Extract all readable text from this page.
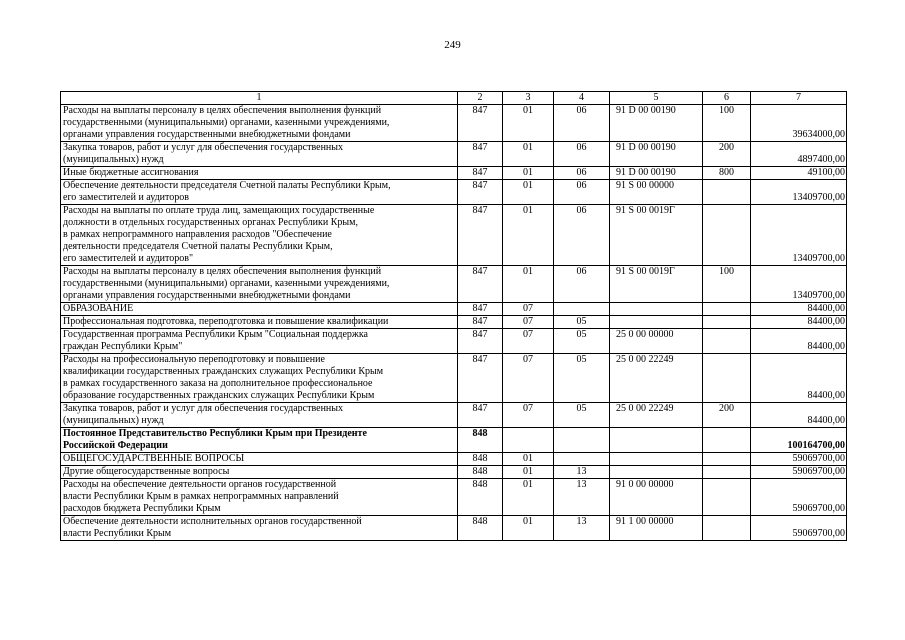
249
1	2	3	4	5	6	7

Расходы на выплаты персоналу в целях обеспечения выполнения функций
государственными (муниципальными) органами, казенными учреждениями,
органами управления государственными внебюджетными фондами	847	01	06	91 D 00 00190	100	39634000,00

Закупка товаров, работ и услуг для обеспечения государственных
(муниципальных) нужд	847	01	06	91 D 00 00190	200	4897400,00

Иные бюджетные ассигнования	847	01	06	91 D 00 00190	800	49100,00

Обеспечение деятельности председателя Счетной палаты Республики Крым,
его заместителей и аудиторов	847	01	06	91 S 00 00000		13409700,00

Расходы на выплаты по оплате труда лиц, замещающих государственные
должности в отдельных государственных органах Республики Крым,
в рамках непрограммного направления расходов "Обеспечение
деятельности председателя Счетной палаты Республики Крым,
его заместителей и аудиторов"	847	01	06	91 S 00 0019Г		13409700,00

Расходы на выплаты персоналу в целях обеспечения выполнения функций
государственными (муниципальными) органами, казенными учреждениями,
органами управления государственными внебюджетными фондами	847	01	06	91 S 00 0019Г	100	13409700,00

ОБРАЗОВАНИЕ	847	07				84400,00

Профессиональная подготовка, переподготовка и повышение квалификации	847	07	05			84400,00

Государственная программа Республики Крым "Социальная поддержка
граждан Республики Крым"	847	07	05	25 0 00 00000		84400,00

Расходы на профессиональную переподготовку и повышение
квалификации государственных гражданских служащих Республики Крым
в рамках государственного заказа на дополнительное профессиональное
образование государственных гражданских служащих Республики Крым	847	07	05	25 0 00 22249		84400,00

Закупка товаров, работ и услуг для обеспечения государственных
(муниципальных) нужд	847	07	05	25 0 00 22249	200	84400,00

Постоянное Представительство Республики Крым при Президенте
Российской Федерации	848					100164700,00

ОБЩЕГОСУДАРСТВЕННЫЕ ВОПРОСЫ	848	01				59069700,00

Другие общегосударственные вопросы	848	01	13			59069700,00

Расходы на обеспечение деятельности органов государственной
власти Республики Крым в рамках непрограммных направлений
расходов бюджета Республики Крым	848	01	13	91 0 00 00000		59069700,00

Обеспечение деятельности исполнительных органов государственной
власти Республики Крым	848	01	13	91 1 00 00000		59069700,00
